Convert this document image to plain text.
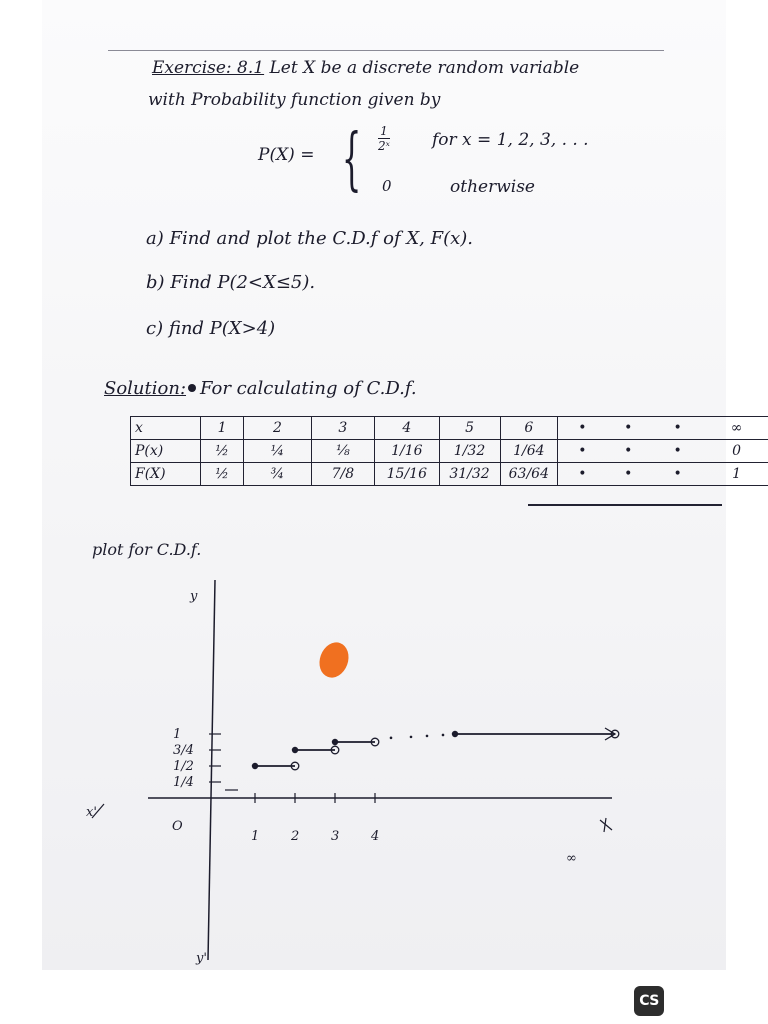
Exercise: 8.1 Let X be a discrete random variable
with Probability function given by
P(X) = { $\frac{1}{\text{2ˣ}}$ for x = 1, 2, 3, . . .
0	otherwise
a) Find and plot the C.D.f of X, F(x).
b) Find P(2<X≤5).
c) find P(X>4)
Solution: For calculating of C.D.f.
x	1	2	3	4	5	6	•	•	•	∞
P(x)	½	¼	⅛	1/16	1/32	1/64	•	•	•	0
F(X)	½	¾	7/8	15/16	31/32	63/64	•	•	•	1
plot for C.D.f.
1 2 3 4
1/4
1/2
3/4
1
y
y'
x'
O
∞
CS
